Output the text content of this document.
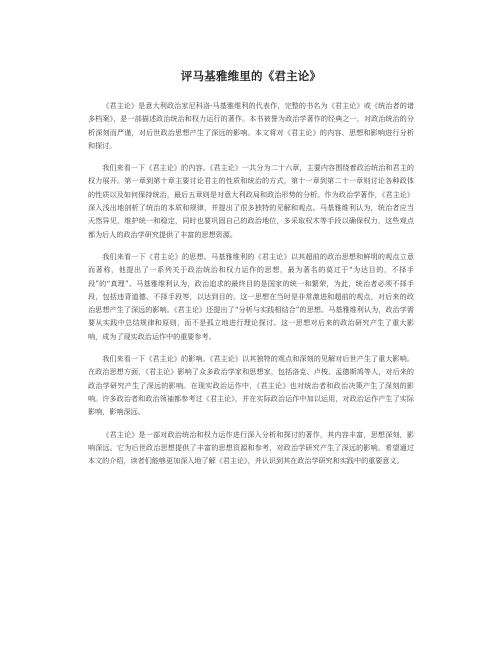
评马基雅维里的《君主论》

《君主论》是意大利政治家尼科洛·马基雅维利的代表作，完整的书名为《君主论》或《统治者的诸多档案》，是一部描述政治统治和权力运行的著作。本书被誉为政治学著作的经典之一，对政治统治的分析深刻而严谨，对后世政治思想产生了深远的影响。本文将对《君主论》的内容、思想和影响进行分析和探讨。

我们来看一下《君主论》的内容。《君主论》一共分为二十六章，主要内容围绕着政治统治和君主的权力展开。第一章到第十章主要讨论君主的性质和统治的方式，第十一章到第二十一章则讨论各种政体的性质以及如何保持统治，最后五章则是对意大利政局和政治形势的分析。作为政治学著作，《君主论》深入浅出地剖析了统治的本质和规律，并提出了很多独特的见解和观点。马基雅维利认为，统治者应当天然异见，维护统一和稳定，同时也要巩固自己的政治地位，多采取权术等手段以确保权力，这些观点都为后人的政治学研究提供了丰富的思想资源。

我们来看一下《君主论》的思想。马基雅维利的《君主论》以其超前的政治思想和鲜明的观点立意而著称，他提出了一系列关于政治统治和权力运作的思想，最为著名的莫过于“为达目的，不择手段”的“真理”。马基雅维利认为，政治追求的最终目的是国家的统一和繁荣，为此，统治者必须不择手段，包括违背道德、不择手段等，以达到目的。这一思想在当时是非常激进和超前的观点，对后来的政治思想产生了深远的影响。《君主论》还提出了“分析与实践相结合”的思想。马基雅维利认为，政治学需要从实践中总结规律和原则，而不是孤立地进行理论探讨。这一思想对后来的政治研究产生了重大影响，成为了现实政治运作中的重要参考。

我们来看一下《君主论》的影响。《君主论》以其独特的观点和深刻的见解对后世产生了重大影响。在政治思想方面，《君主论》影响了众多政治学家和思想家，包括洛克、卢梭、孟德斯鸠等人，对后来的政治学研究产生了深远的影响。在现实政治运作中，《君主论》也对统治者和政治决策产生了深刻的影响。许多政治者和政治领袖都参考过《君主论》，并在实际政治运作中加以运用，对政治运作产生了实际影响，影响深远。

《君主论》是一部对政治统治和权力运作进行深入分析和探讨的著作，其内容丰富，思想深刻，影响深远。它为后世政治思想提供了丰富的思想资源和参考，对政治学研究产生了深远的影响。希望通过本文的介绍，读者们能够更加深入地了解《君主论》，并认识到其在政治学研究和实践中的重要意义。
